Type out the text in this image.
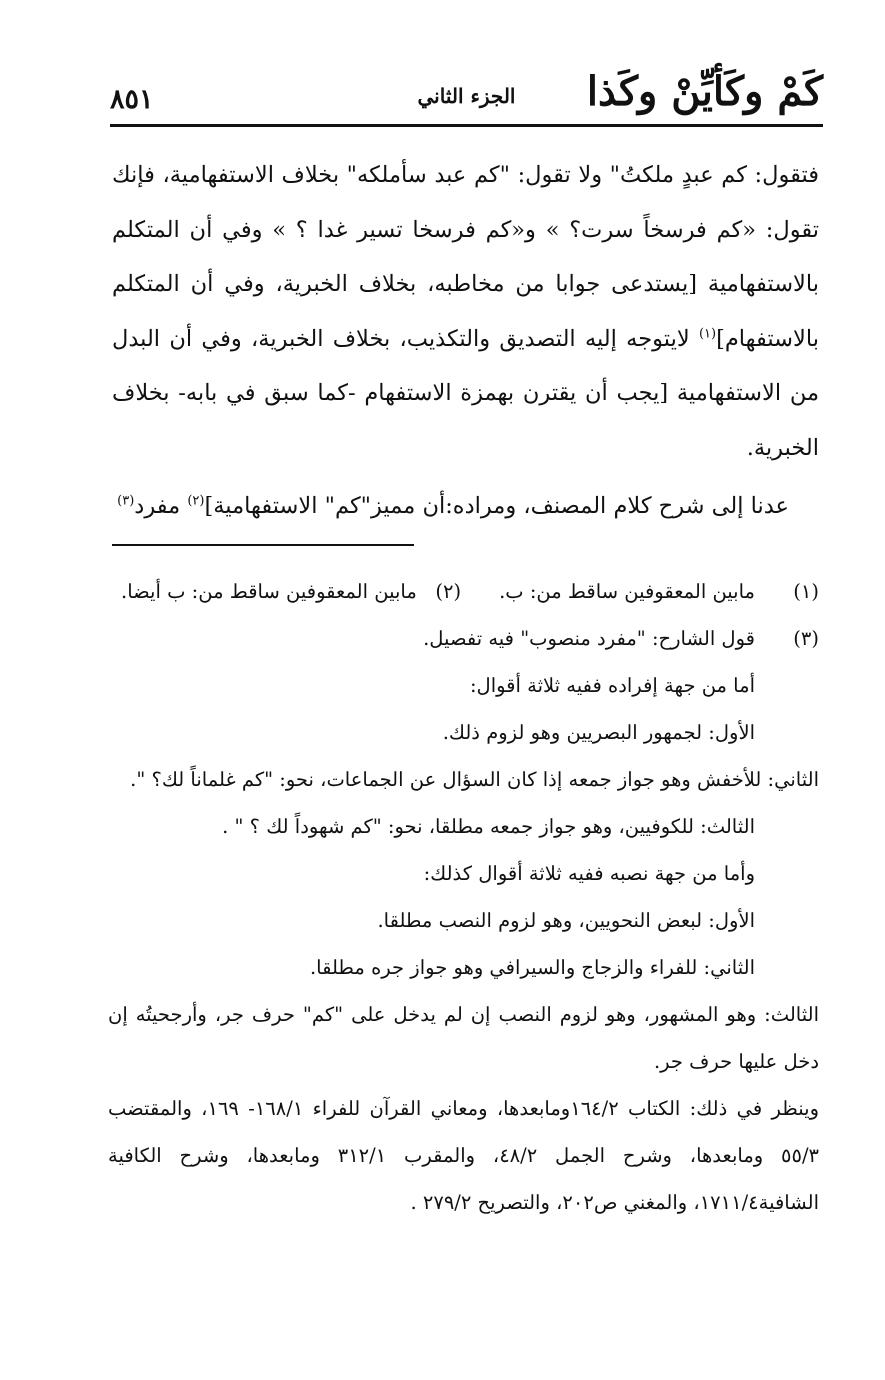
كَمْ وكَأيِّنْ وكَذا
الجزء الثاني
٨٥١

فتقول: كم عبدٍ ملكتُ" ولا تقول: "كم عبد سأملكه" بخلاف الاستفهامية، فإنك تقول: «كم فرسخاً سرت؟ » و«كم فرسخا تسير غدا ؟ » وفي أن المتكلم بالاستفهامية [يستدعى جوابا من مخاطبه، بخلاف الخبرية، وفي أن المتكلم بالاستفهام]$^{(١)}$ لايتوجه إليه التصديق والتكذيب، بخلاف الخبرية، وفي أن البدل من الاستفهامية [يجب أن يقترن بهمزة الاستفهام -كما سبق في بابه- بخلاف الخبرية.

عدنا إلى شرح كلام المصنف، ومراده:أن مميز"كم" الاستفهامية]$^{(٢)}$ مفرد$^{(٣)}$

(١)
مابين المعقوفين ساقط من: ب.(٢)   مابين المعقوفين ساقط من: ب أيضا.
(٣)
قول الشارح: "مفرد منصوب" فيه تفصيل.

أما من جهة إفراده ففيه ثلاثة أقوال:

الأول: لجمهور البصريين وهو لزوم ذلك.

الثاني: للأخفش وهو جواز جمعه إذا كان السؤال عن الجماعات، نحو: "كم غلماناً لك؟ ".

الثالث: للكوفيين، وهو جواز جمعه مطلقا، نحو: "كم شهوداً لك ؟ " .

وأما من جهة نصبه ففيه ثلاثة أقوال كذلك:

الأول: لبعض النحويين، وهو لزوم النصب مطلقا.

الثاني: للفراء والزجاج والسيرافي وهو جواز جره مطلقا.

الثالث: وهو المشهور، وهو لزوم النصب إن لم يدخل على "كم" حرف جر، وأرجحيتُه إن دخل عليها حرف جر.

وينظر في ذلك: الكتاب ١٦٤/٢ومابعدها، ومعاني القرآن للفراء ١٦٨/١- ١٦٩، والمقتضب ٥٥/٣ ومابعدها، وشرح الجمل ٤٨/٢، والمقرب ٣١٢/١ ومابعدها، وشرح الكافية الشافية١٧١١/٤، والمغني ص٢٠٢، والتصريح ٢٧٩/٢ .
